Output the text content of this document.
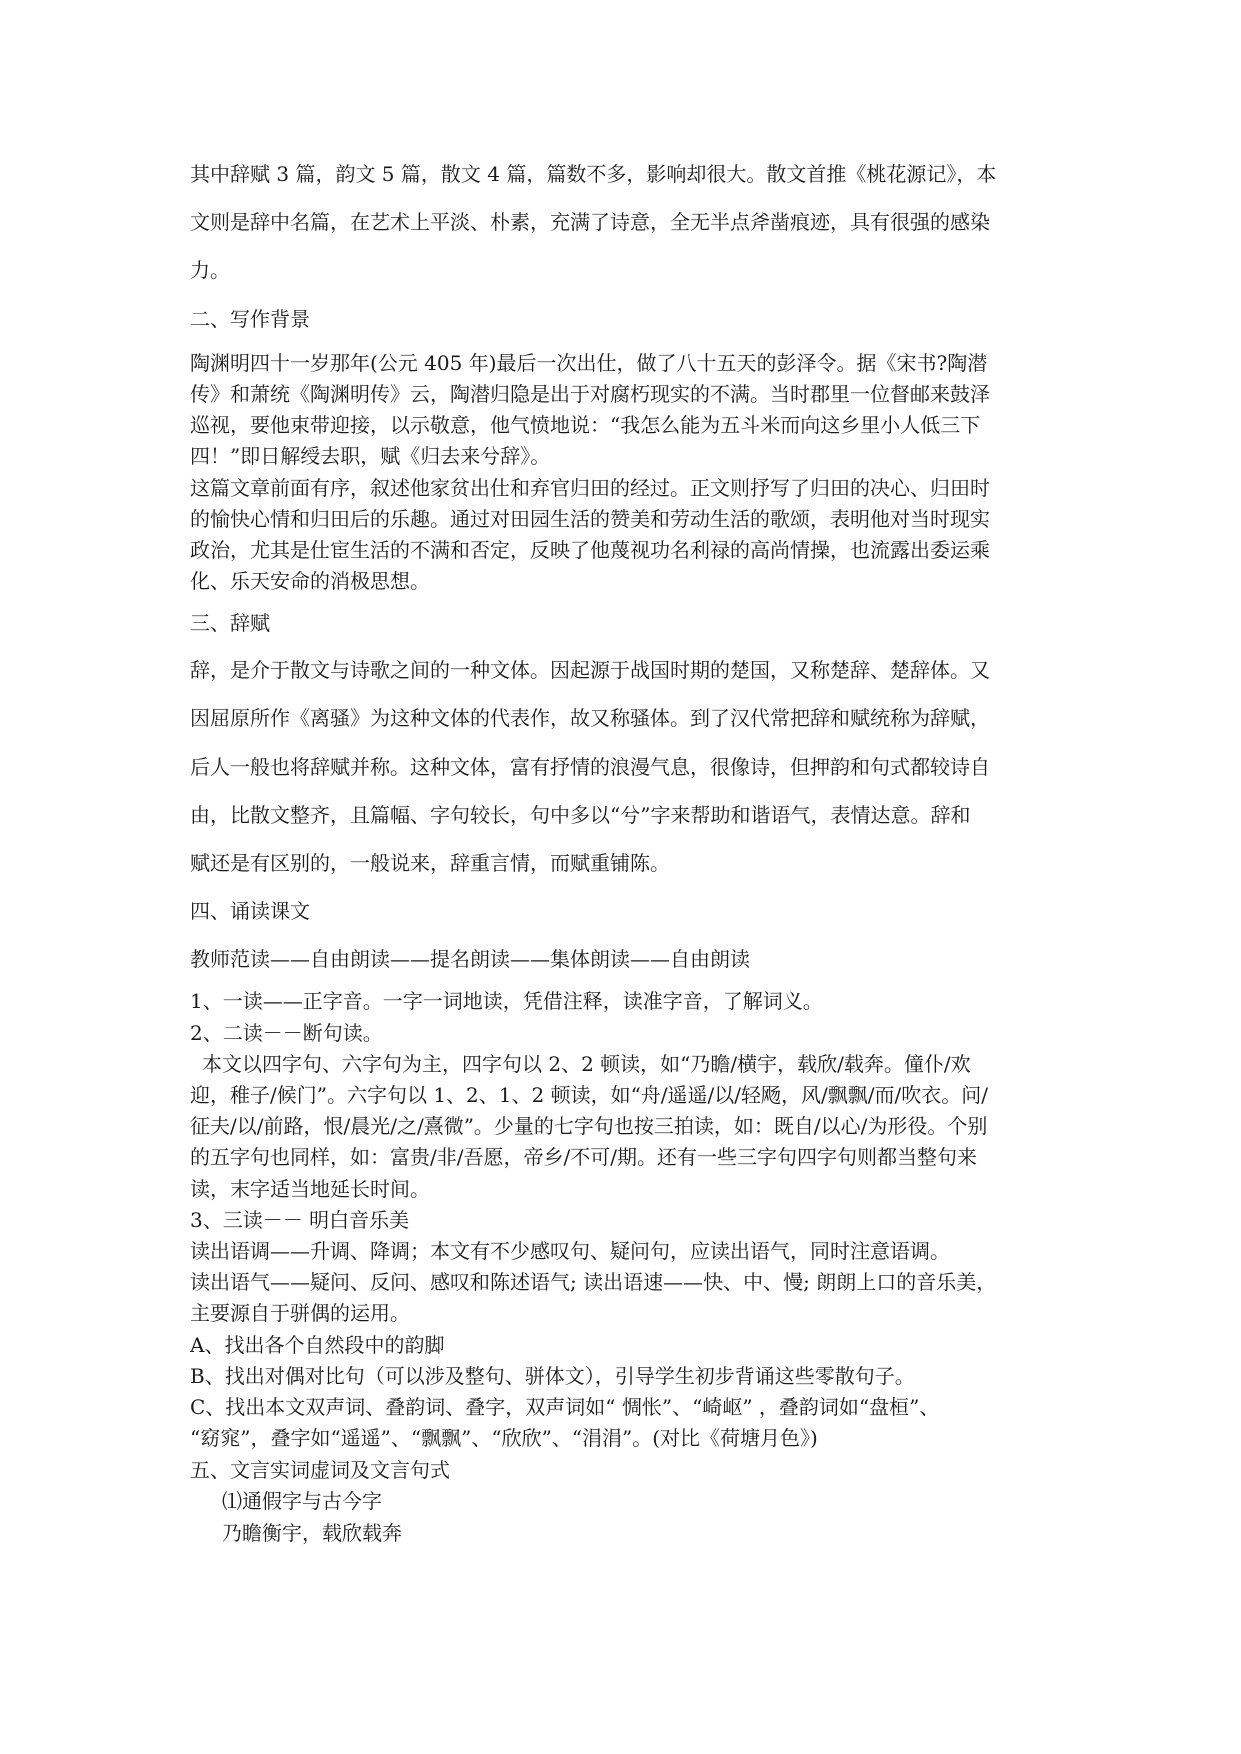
其中辞赋 3 篇，韵文 5 篇，散文 4 篇，篇数不多，影响却很大。散文首推《桃花源记》，本
文则是辞中名篇，在艺术上平淡、朴素，充满了诗意，全无半点斧凿痕迹，具有很强的感染
力。
二、写作背景
陶渊明四十一岁那年(公元 405 年)最后一次出仕，做了八十五天的彭泽令。据《宋书?陶潜
传》和萧统《陶渊明传》云，陶潜归隐是出于对腐朽现实的不满。当时郡里一位督邮来鼓泽
巡视，要他束带迎接，以示敬意，他气愤地说：“我怎么能为五斗米而向这乡里小人低三下
四！”即日解绶去职，赋《归去来兮辞》。
这篇文章前面有序，叙述他家贫出仕和弃官归田的经过。正文则抒写了归田的决心、归田时
的愉快心情和归田后的乐趣。通过对田园生活的赞美和劳动生活的歌颂，表明他对当时现实
政治，尤其是仕宦生活的不满和否定，反映了他蔑视功名利禄的高尚情操，也流露出委运乘
化、乐天安命的消极思想。
三、辞赋
辞，是介于散文与诗歌之间的一种文体。因起源于战国时期的楚国，又称楚辞、楚辞体。又
因屈原所作《离骚》为这种文体的代表作，故又称骚体。到了汉代常把辞和赋统称为辞赋，
后人一般也将辞赋并称。这种文体，富有抒情的浪漫气息，很像诗，但押韵和句式都较诗自
由，比散文整齐，且篇幅、字句较长，句中多以“兮”字来帮助和谐语气，表情达意。辞和
赋还是有区别的，一般说来，辞重言情，而赋重铺陈。
四、诵读课文
教师范读——自由朗读——提名朗读——集体朗读——自由朗读
1、一读——正字音。一字一词地读，凭借注释，读准字音，了解词义。
2、二读－－断句读。
本文以四字句、六字句为主，四字句以 2、2 顿读，如“乃瞻/横宇，载欣/载奔。僮仆/欢
迎，稚子/候门”。六字句以 1、2、1、2 顿读，如“舟/遥遥/以/轻飏，风/飘飘/而/吹衣。问/
征夫/以/前路，恨/晨光/之/熹微”。少量的七字句也按三拍读，如：既自/以心/为形役。个别
的五字句也同样，如：富贵/非/吾愿，帝乡/不可/期。还有一些三字句四字句则都当整句来
读，末字适当地延长时间。
3、三读－－ 明白音乐美
读出语调——升调、降调；本文有不少感叹句、疑问句，应读出语气，同时注意语调。
读出语气——疑问、反问、感叹和陈述语气; 读出语速——快、中、慢; 朗朗上口的音乐美，
主要源自于骈偶的运用。
A、找出各个自然段中的韵脚
B、找出对偶对比句（可以涉及整句、骈体文），引导学生初步背诵这些零散句子。
C、找出本文双声词、叠韵词、叠字，双声词如“ 惆怅”、“崎岖” ，叠韵词如“盘桓”、
“窈窕”，叠字如“遥遥”、“飘飘”、“欣欣”、“涓涓”。(对比《荷塘月色》)
五、文言实词虚词及文言句式
⑴通假字与古今字
乃瞻衡宇，载欣载奔
